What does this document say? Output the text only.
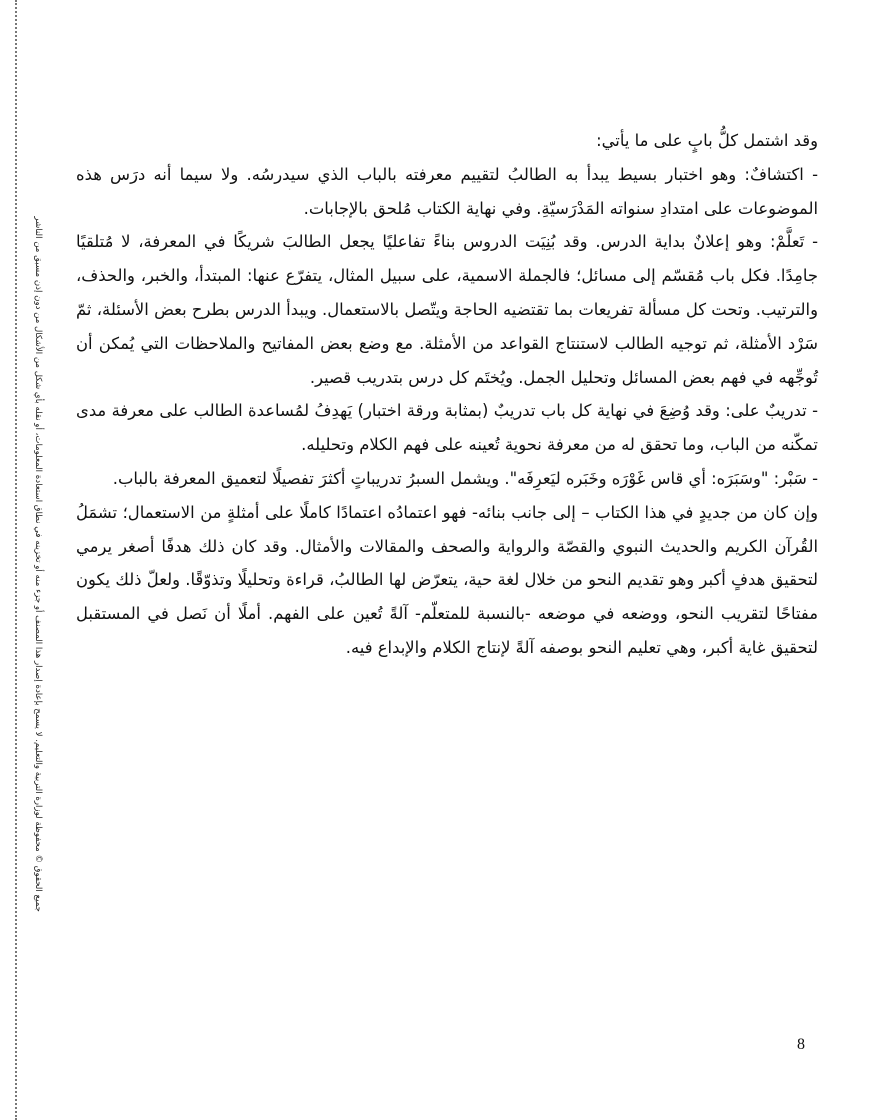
جميع الحقوق © محفوظة لوزارة التربية والتعليم. لا يسمح بإعادة إصدار هذا المصنف أو جزء منه أو تخزينه في نطاق استعادة المعلومات، أو نقله بأي شكل من الأشكال من دون إذن مسبق من الناشر

وقد اشتمل كلُّ بابٍ على ما يأتي:

- اكتشافٌ: وهو اختبار بسيط يبدأ به الطالبُ لتقييم معرفته بالباب الذي سيدرسُه. ولا سيما أنه درَس هذه الموضوعات على امتدادِ سنواته المَدْرَسيّةِ. وفي نهاية الكتاب مُلحق بالإجابات.

- تَعلَّمْ: وهو إعلانٌ بداية الدرس. وقد بُنِيَت الدروس بناءً تفاعليًا يجعل الطالبَ شريكًا في المعرفة، لا مُتلقيًا جامِدًا. فكل باب مُقسّم إلى مسائل؛ فالجملة الاسمية، على سبيل المثال، يتفرّع عنها: المبتدأ، والخبر، والحذف، والترتيب. وتحت كل مسألة تفريعات بما تقتضيه الحاجة ويتّصل بالاستعمال. ويبدأ الدرس بطرح بعض الأسئلة، ثمّ سَرْد الأمثلة، ثم توجيه الطالب لاستنتاج القواعد من الأمثلة. مع وضع بعض المفاتيح والملاحظات التي يُمكن أن تُوجِّهه في فهم بعض المسائل وتحليل الجمل. ويُختَم كل درس بتدريب قصير.

- تدريبٌ على: وقد وُضِعَ في نهاية كل باب تدريبٌ (بمثابة ورقة اختبار) يَهدِفُ لمُساعدة الطالب على معرفة مدى تمكّنه من الباب، وما تحقق له من معرفة نحوية تُعينه على فهم الكلام وتحليله.

- سَبْر: "وسَبَرَه: أي قاس غَوْرَه وخَبَره ليَعرِفَه". ويشمل السبرُ تدريباتٍ أكثرَ تفصيلًا لتعميق المعرفة بالباب.

وإن كان من جديدٍ في هذا الكتاب – إلى جانب بنائه- فهو اعتمادُه اعتمادًا كاملًا على أمثلةٍ من الاستعمال؛ تشمَلُ القُرآن الكريم والحديث النبوي والقصّة والرواية والصحف والمقالات والأمثال. وقد كان ذلك هدفًا أصغر يرمي لتحقيق هدفٍ أكبر وهو تقديم النحو من خلال لغة حية، يتعرّض لها الطالبُ، قراءة وتحليلًا وتذوّقًا. ولعلّ ذلك يكون مفتاحًا لتقريب النحو، ووضعه في موضعه -بالنسبة للمتعلّم- آلةً تُعين على الفهم. أملًا أن نَصل في المستقبل لتحقيق غاية أكبر، وهي تعليم النحو بوصفه آلةً لإنتاج الكلام والإبداع فيه.

8
